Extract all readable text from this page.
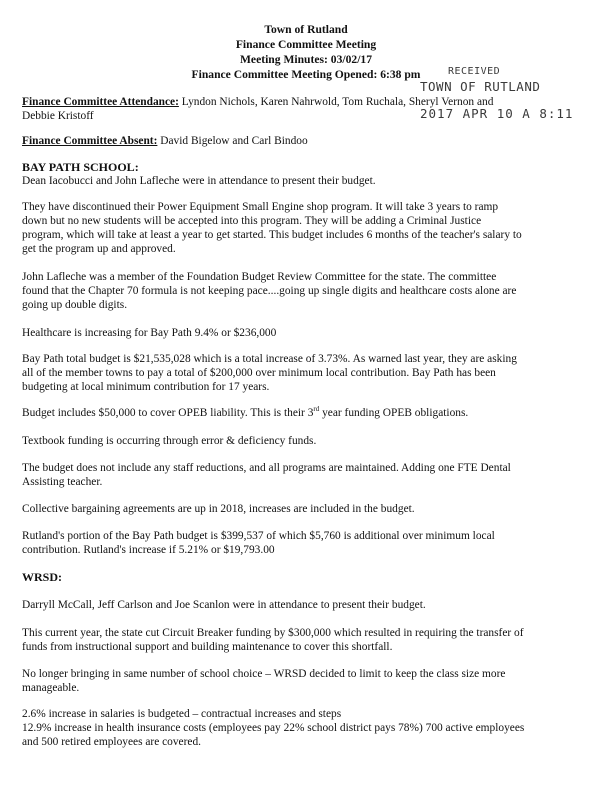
Town of Rutland
Finance Committee Meeting
Meeting Minutes: 03/02/17
Finance Committee Meeting Opened: 6:38 pm	RECEIVED
TOWN OF RUTLAND
2017 APR 10 A 8:11
Finance Committee Attendance: Lyndon Nichols, Karen Nahrwold, Tom Ruchala, Sheryl Vernon and
Debbie Kristoff
Finance Committee Absent: David Bigelow and Carl Bindoo
BAY PATH SCHOOL:
Dean Iacobucci and John Lafleche were in attendance to present their budget.
They have discontinued their Power Equipment Small Engine shop program. It will take 3 years to ramp
down but no new students will be accepted into this program. They will be adding a Criminal Justice
program, which will take at least a year to get started. This budget includes 6 months of the teacher's salary to
get the program up and approved.
John Lafleche was a member of the Foundation Budget Review Committee for the state. The committee
found that the Chapter 70 formula is not keeping pace....going up single digits and healthcare costs alone are
going up double digits.
Healthcare is increasing for Bay Path 9.4% or $236,000
Bay Path total budget is $21,535,028 which is a total increase of 3.73%. As warned last year, they are asking
all of the member towns to pay a total of $200,000 over minimum local contribution. Bay Path has been
budgeting at local minimum contribution for 17 years.
Budget includes $50,000 to cover OPEB liability. This is their 3rd year funding OPEB obligations.
Textbook funding is occurring through error & deficiency funds.
The budget does not include any staff reductions, and all programs are maintained. Adding one FTE Dental
Assisting teacher.
Collective bargaining agreements are up in 2018, increases are included in the budget.
Rutland's portion of the Bay Path budget is $399,537 of which $5,760 is additional over minimum local
contribution. Rutland's increase if 5.21% or $19,793.00
WRSD:
Darryll McCall, Jeff Carlson and Joe Scanlon were in attendance to present their budget.
This current year, the state cut Circuit Breaker funding by $300,000 which resulted in requiring the transfer of
funds from instructional support and building maintenance to cover this shortfall.
No longer bringing in same number of school choice – WRSD decided to limit to keep the class size more
manageable.
2.6% increase in salaries is budgeted – contractual increases and steps
12.9% increase in health insurance costs (employees pay 22% school district pays 78%) 700 active employees
and 500 retired employees are covered.
